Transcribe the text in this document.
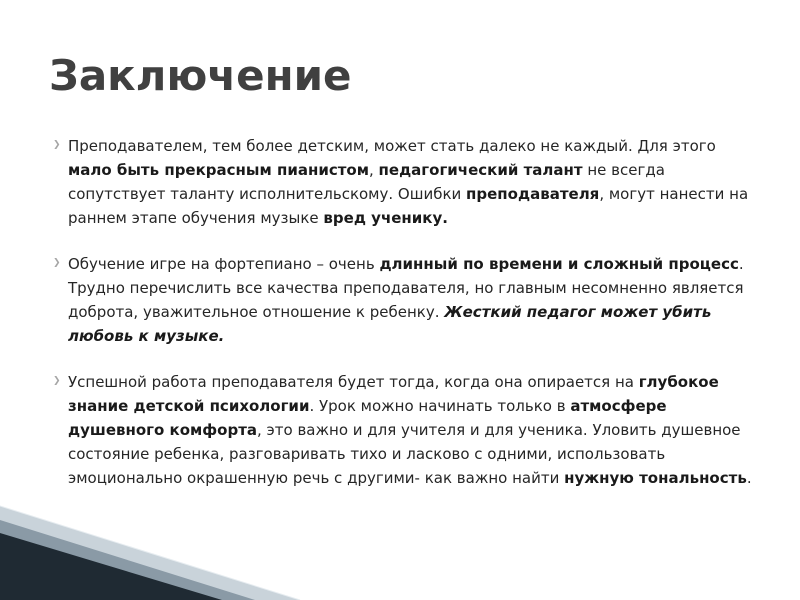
Заключение

❯ Преподавателем, тем более детским, может стать далеко не каждый. Для этого мало быть прекрасным пианистом, педагогический талант не всегда сопутствует таланту исполнительскому. Ошибки преподавателя, могут нанести на раннем этапе обучения музыке вред ученику.

❯ Обучение игре на фортепиано – очень длинный по времени и сложный процесс. Трудно перечислить все качества преподавателя, но главным несомненно является доброта, уважительное отношение к ребенку. Жесткий педагог может убить любовь к музыке.

❯ Успешной работа преподавателя будет тогда, когда она опирается на глубокое знание детской психологии. Урок можно начинать только в атмосфере душевного комфорта, это важно и для учителя и для ученика. Уловить душевное состояние ребенка, разговаривать тихо и ласково с одними, использовать эмоционально окрашенную речь с другими- как важно найти нужную тональность.
